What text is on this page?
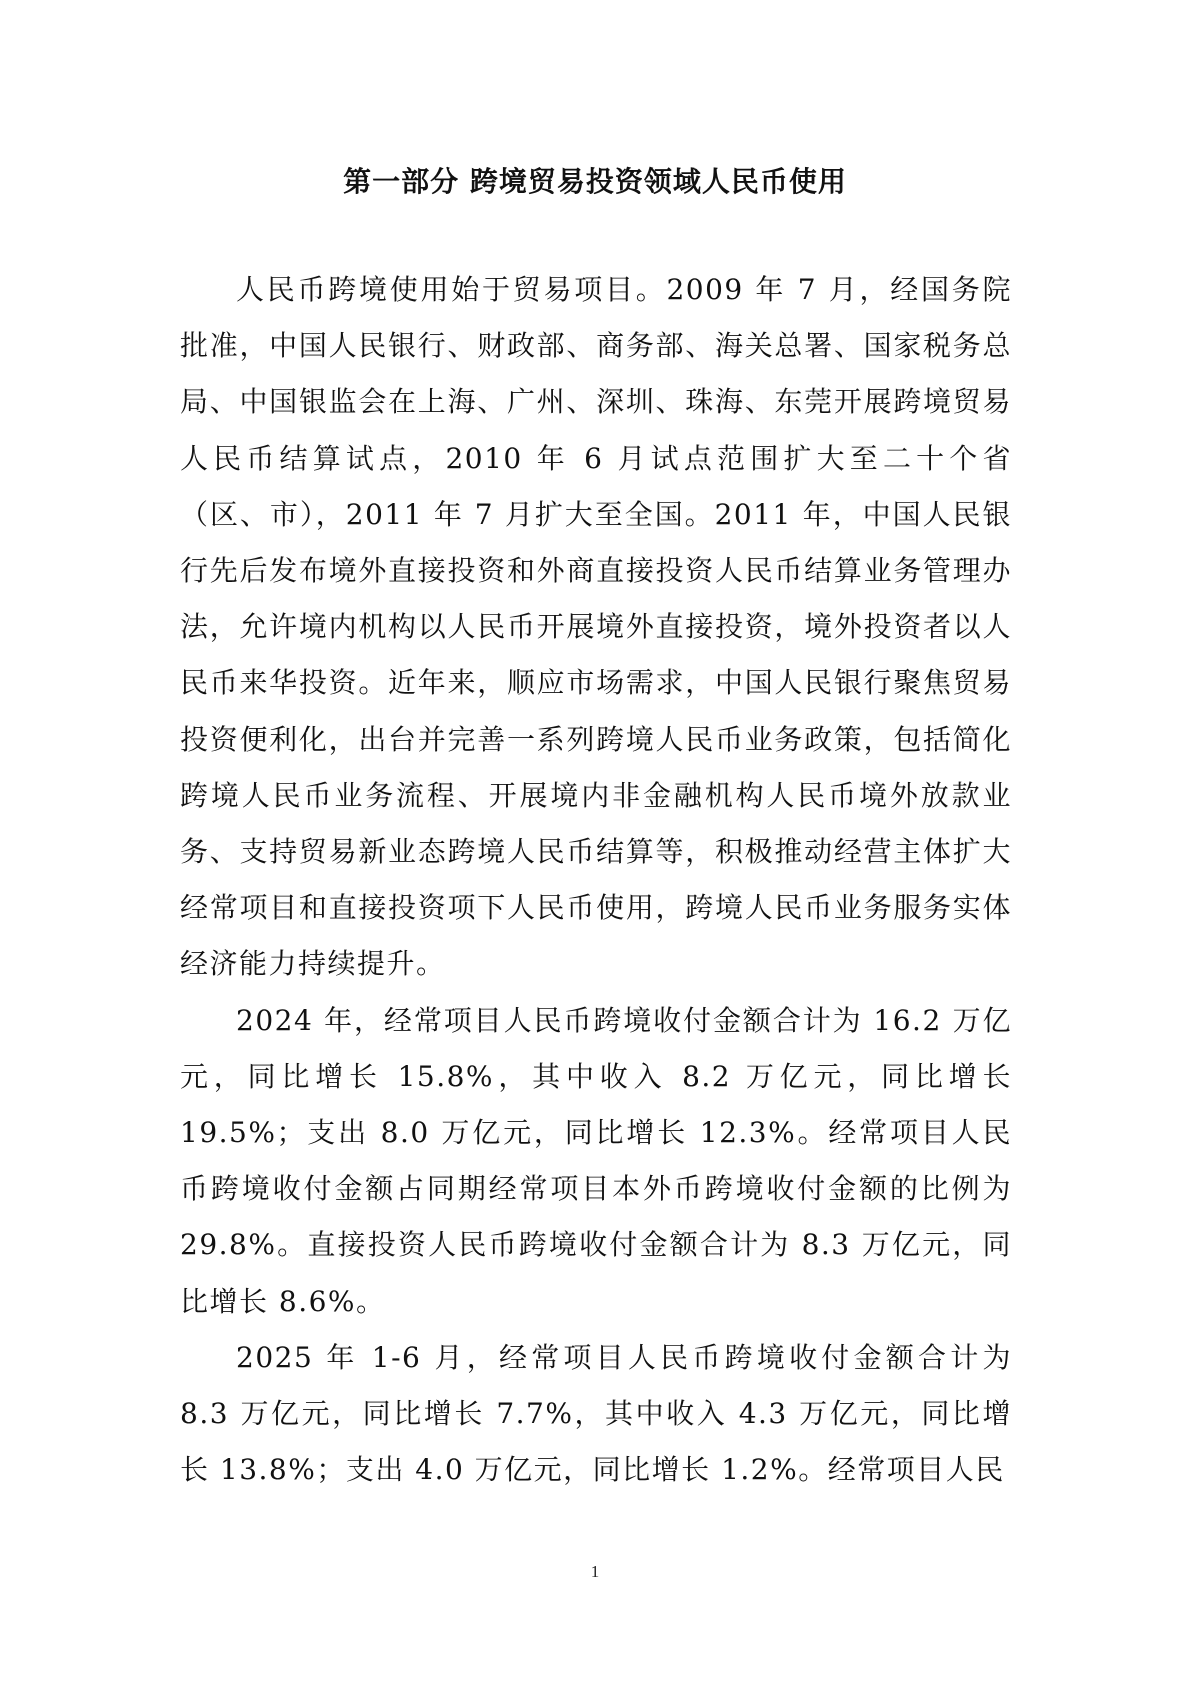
第一部分 跨境贸易投资领域人民币使用

人民币跨境使用始于贸易项目。2009 年 7 月，经国务院批准，中国人民银行、财政部、商务部、海关总署、国家税务总局、中国银监会在上海、广州、深圳、珠海、东莞开展跨境贸易人民币结算试点，2010 年 6 月试点范围扩大至二十个省（区、市），2011 年 7 月扩大至全国。2011 年，中国人民银行先后发布境外直接投资和外商直接投资人民币结算业务管理办法，允许境内机构以人民币开展境外直接投资，境外投资者以人民币来华投资。近年来，顺应市场需求，中国人民银行聚焦贸易投资便利化，出台并完善一系列跨境人民币业务政策，包括简化跨境人民币业务流程、开展境内非金融机构人民币境外放款业务、支持贸易新业态跨境人民币结算等，积极推动经营主体扩大经常项目和直接投资项下人民币使用，跨境人民币业务服务实体经济能力持续提升。

2024 年，经常项目人民币跨境收付金额合计为 16.2 万亿元，同比增长 15.8%，其中收入 8.2 万亿元，同比增长 19.5%；支出 8.0 万亿元，同比增长 12.3%。经常项目人民币跨境收付金额占同期经常项目本外币跨境收付金额的比例为 29.8%。直接投资人民币跨境收付金额合计为 8.3 万亿元，同比增长 8.6%。

2025 年 1-6 月，经常项目人民币跨境收付金额合计为 8.3 万亿元，同比增长 7.7%，其中收入 4.3 万亿元，同比增长 13.8%；支出 4.0 万亿元，同比增长 1.2%。经常项目人民

1
